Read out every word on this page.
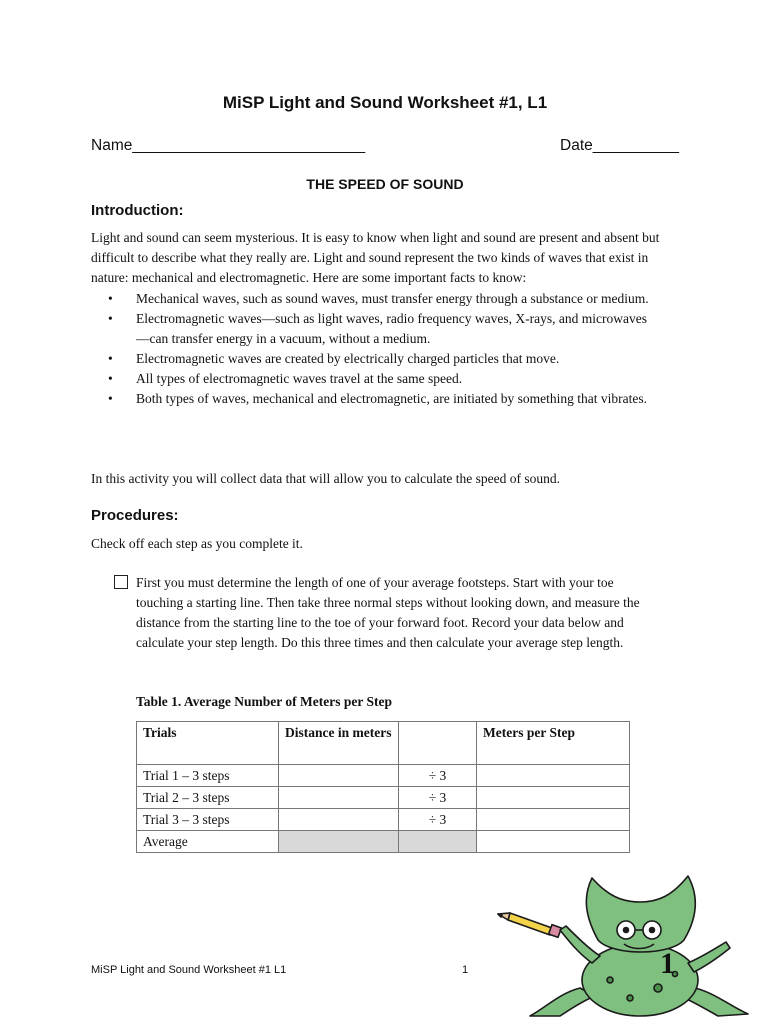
MiSP Light and Sound Worksheet #1, L1
Name___________________________	Date__________
THE SPEED OF SOUND
Introduction:
Light and sound can seem mysterious. It is easy to know when light and sound are present and absent but difficult to describe what they really are. Light and sound represent the two kinds of waves that exist in nature: mechanical and electromagnetic. Here are some important facts to know:
• Mechanical waves, such as sound waves, must transfer energy through a substance or medium.
• Electromagnetic waves—such as light waves, radio frequency waves, X-rays, and microwaves—can transfer energy in a vacuum, without a medium.
• Electromagnetic waves are created by electrically charged particles that move.
• All types of electromagnetic waves travel at the same speed.
• Both types of waves, mechanical and electromagnetic, are initiated by something that vibrates.
In this activity you will collect data that will allow you to calculate the speed of sound.
Procedures:
Check off each step as you complete it.
First you must determine the length of one of your average footsteps. Start with your toe touching a starting line. Then take three normal steps without looking down, and measure the distance from the starting line to the toe of your forward foot. Record your data below and calculate your step length. Do this three times and then calculate your average step length.
Table 1. Average Number of Meters per Step
Trials	Distance in meters		Meters per Step
Trial 1 – 3 steps		÷ 3	
Trial 2 – 3 steps		÷ 3	
Trial 3 – 3 steps		÷ 3	
Average			
MiSP Light and Sound Worksheet #1 L1	1	1
